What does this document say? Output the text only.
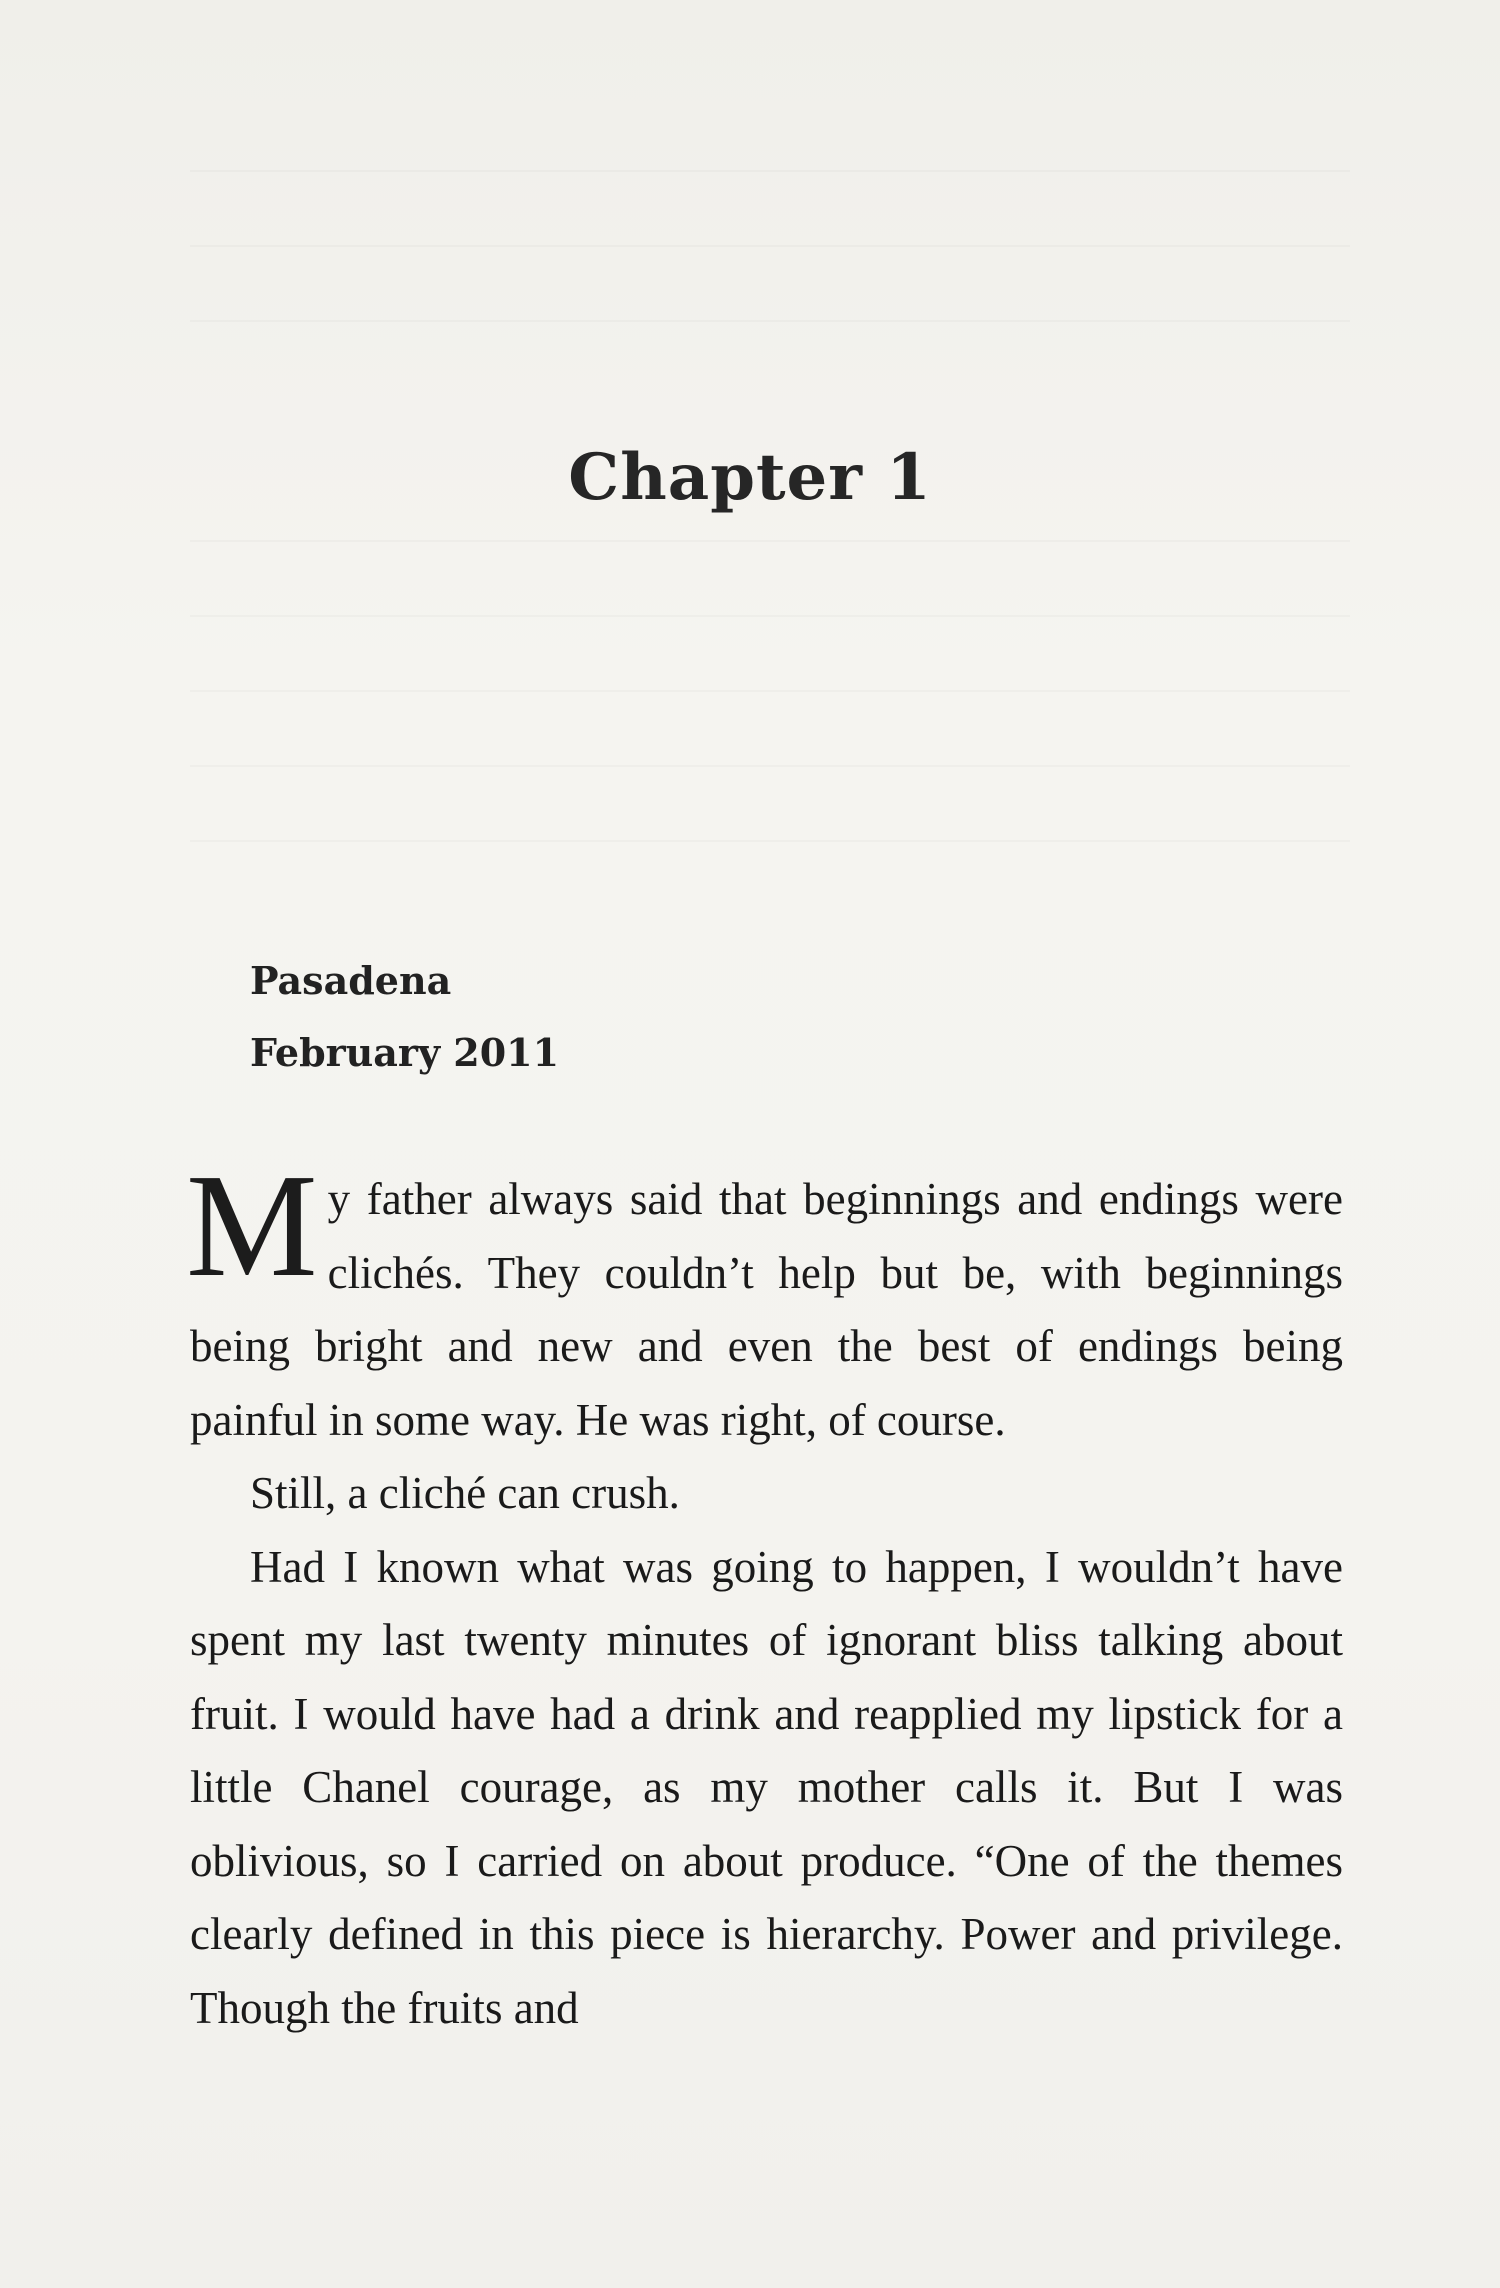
Chapter 1
Pasadena
February 2011

My father always said that beginnings and endings were clichés. They couldn’t help but be, with beginnings being bright and new and even the best of endings being painful in some way. He was right, of course.

Still, a cliché can crush.

Had I known what was going to happen, I wouldn’t have spent my last twenty minutes of ignorant bliss talking about fruit. I would have had a drink and reapplied my lipstick for a little Chanel courage, as my mother calls it. But I was oblivious, so I carried on about produce. “One of the themes clearly defined in this piece is hierarchy. Power and privilege. Though the fruits and
